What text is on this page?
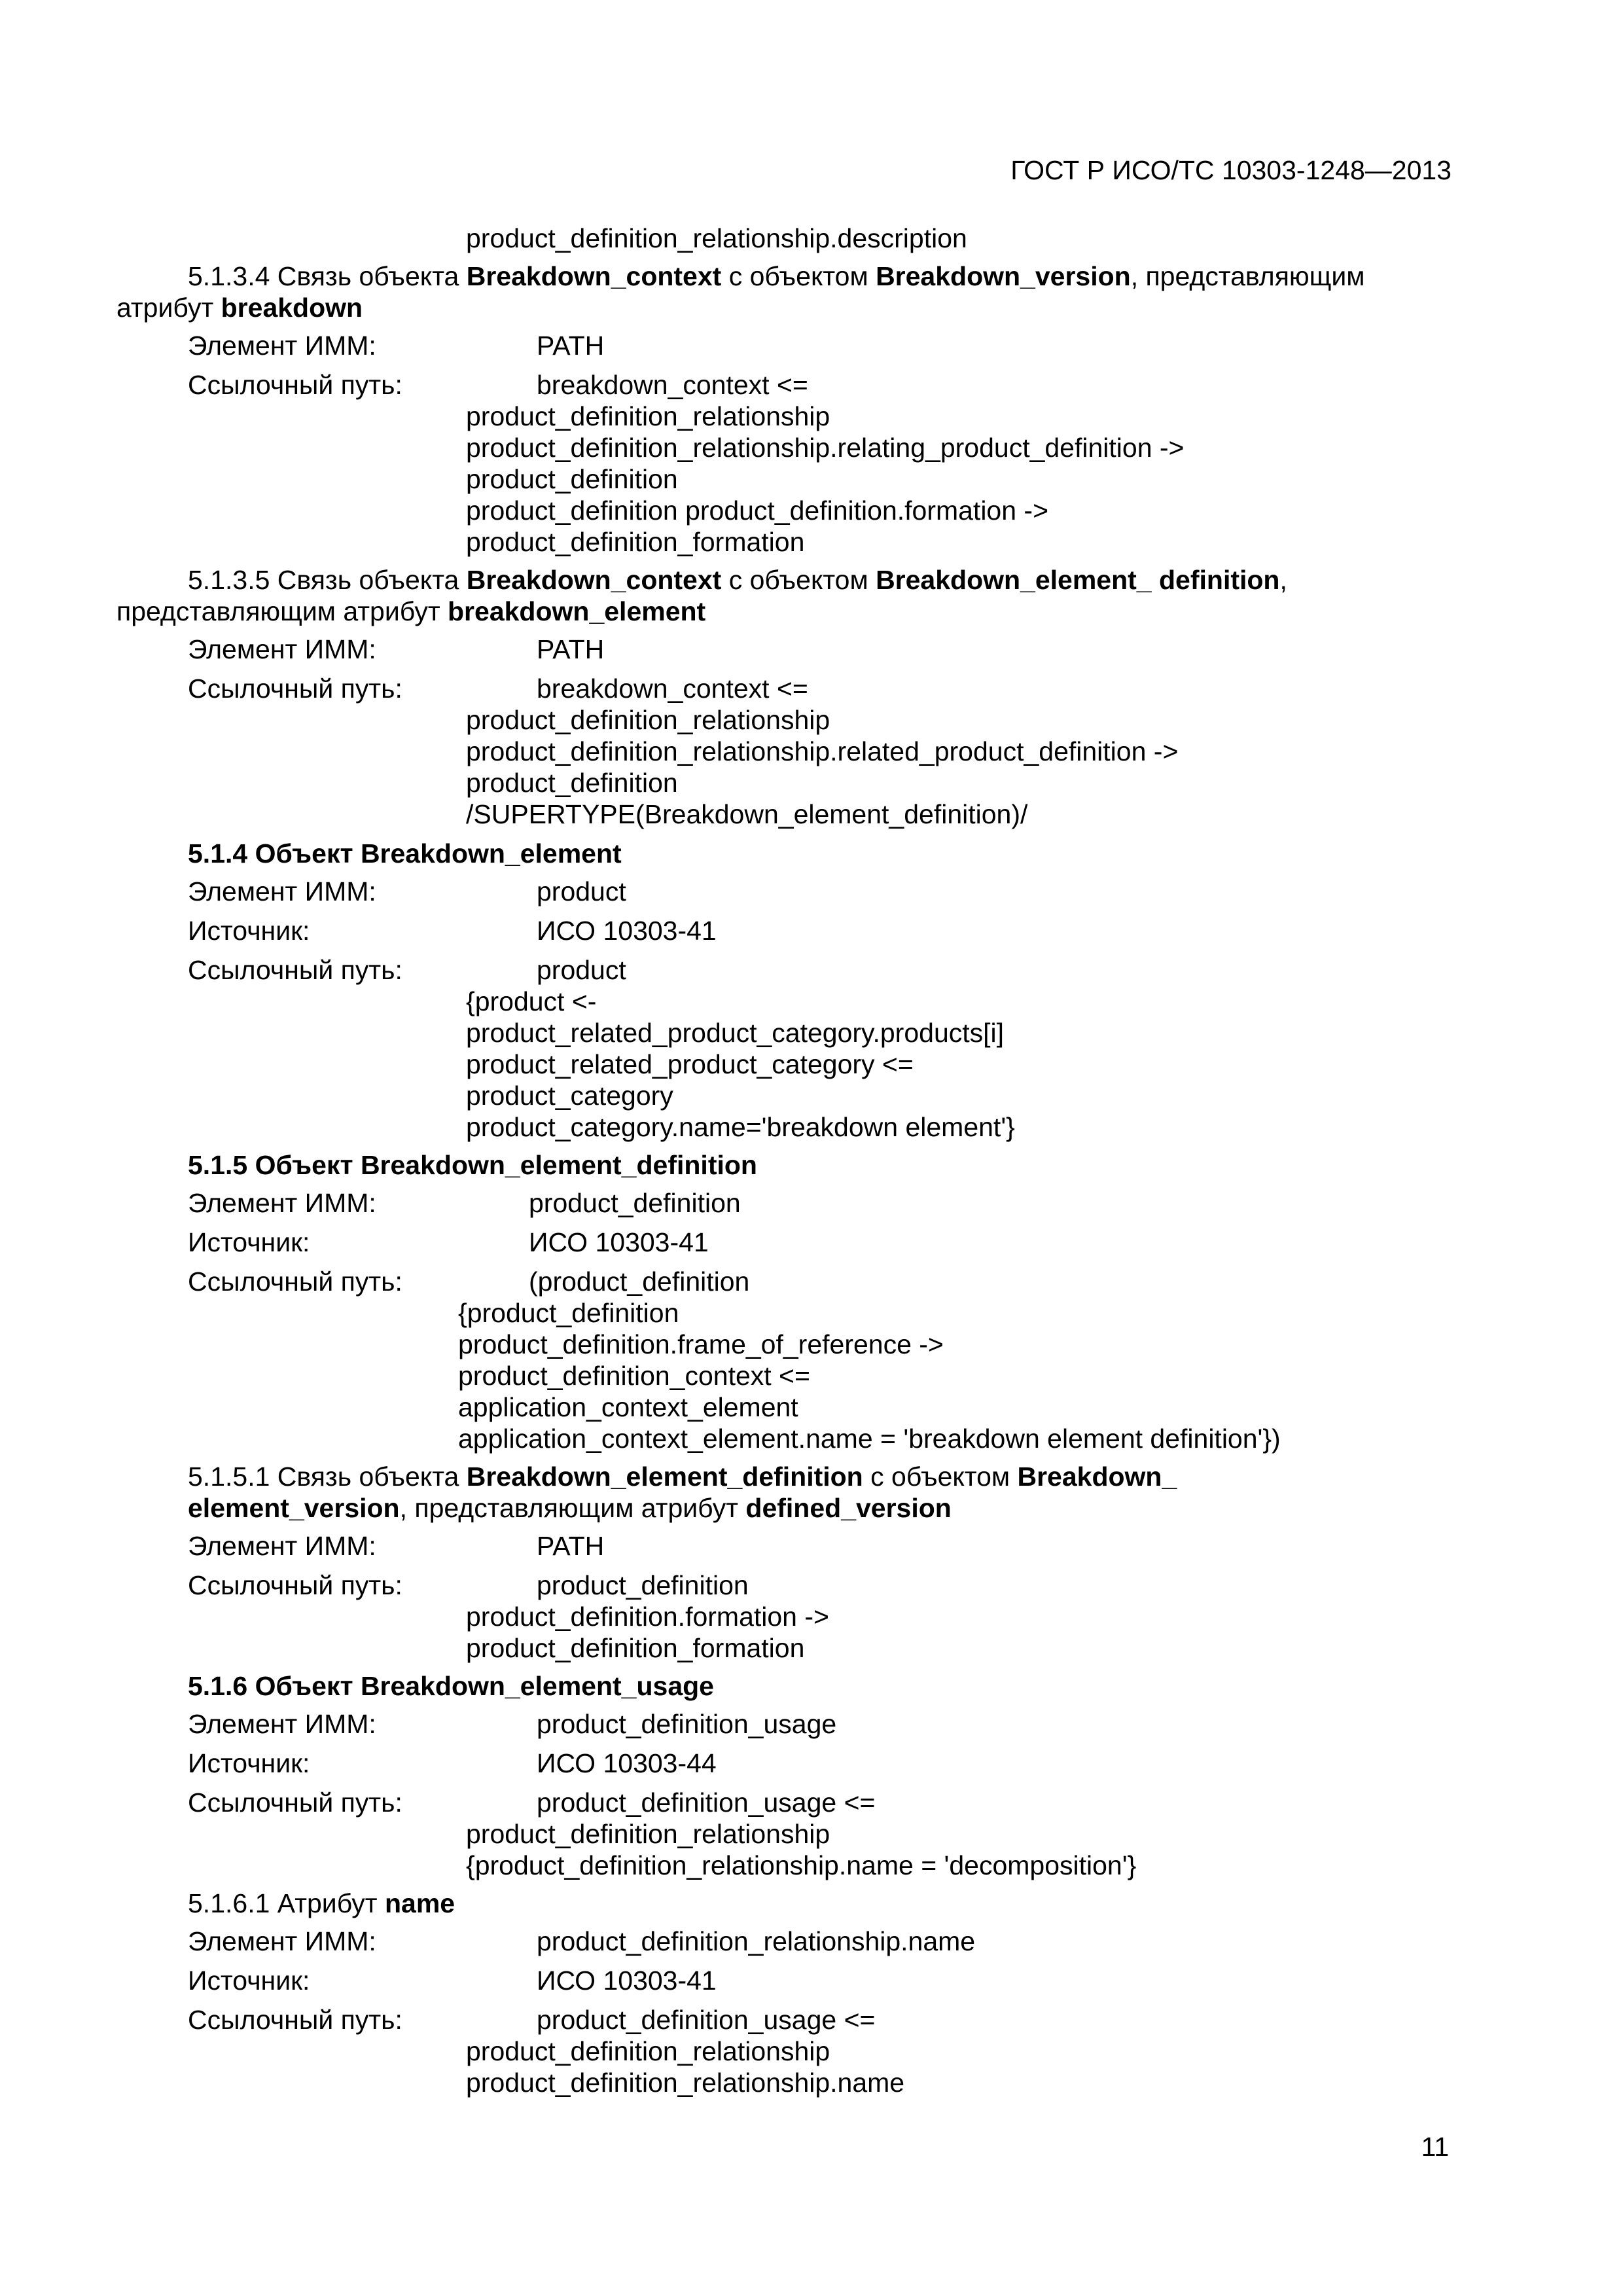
ГОСТ Р ИСО/ТС 10303-1248—2013
product_definition_relationship.description
5.1.3.4 Связь объекта Breakdown_context с объектом Breakdown_version, представляющим
атрибут breakdown
Элемент ИММ:	PATH
Ссылочный путь:	breakdown_context <=
product_definition_relationship
product_definition_relationship.relating_product_definition ->
product_definition
product_definition product_definition.formation ->
product_definition_formation
5.1.3.5 Связь объекта Breakdown_context с объектом Breakdown_element_ definition,
представляющим атрибут breakdown_element
Элемент ИММ:	PATH
Ссылочный путь:	breakdown_context <=
product_definition_relationship
product_definition_relationship.related_product_definition ->
product_definition
/SUPERTYPE(Breakdown_element_definition)/
5.1.4 Объект Breakdown_element
Элемент ИММ:	product
Источник:	ИСО 10303-41
Ссылочный путь:	product
{product <-
product_related_product_category.products[i]
product_related_product_category <=
product_category
product_category.name='breakdown element'}
5.1.5 Объект Breakdown_element_definition
Элемент ИММ:	product_definition
Источник:	ИСО 10303-41
Ссылочный путь:	(product_definition
{product_definition
product_definition.frame_of_reference ->
product_definition_context <=
application_context_element
application_context_element.name = 'breakdown element definition'})
5.1.5.1 Связь объекта Breakdown_element_definition с объектом Breakdown_
element_version, представляющим атрибут defined_version
Элемент ИММ:	PATH
Ссылочный путь:	product_definition
product_definition.formation ->
product_definition_formation
5.1.6 Объект Breakdown_element_usage
Элемент ИММ:	product_definition_usage
Источник:	ИСО 10303-44
Ссылочный путь:	product_definition_usage <=
product_definition_relationship
{product_definition_relationship.name = 'decomposition'}
5.1.6.1 Атрибут name
Элемент ИММ:	product_definition_relationship.name
Источник:	ИСО 10303-41
Ссылочный путь:	product_definition_usage <=
product_definition_relationship
product_definition_relationship.name
11
